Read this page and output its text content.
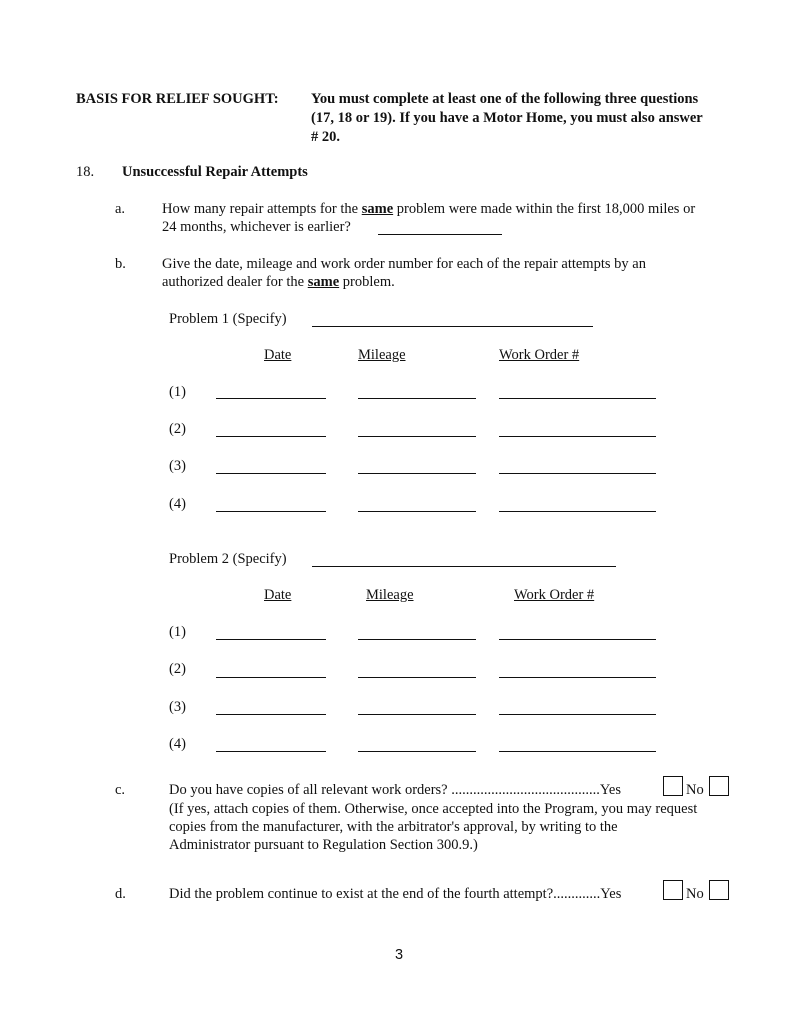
BASIS FOR RELIEF SOUGHT: You must complete at least one of the following three questions
(17, 18 or 19). If you have a Motor Home, you must also answer
# 20.
18. Unsuccessful Repair Attempts
a.	How many repair attempts for the same problem were made within the first 18,000 miles or
24 months, whichever is earlier?
b. Give the date, mileage and work order number for each of the repair attempts by an
authorized dealer for the same problem.
Problem 1 (Specify)
Date	Mileage	Work Order #
(1)
(2)
(3)
(4)
Problem 2 (Specify)
Date	Mileage	Work Order #
(1)
(2)
(3)
(4)
c.	Do you have copies of all relevant work orders? .........................................Yes	No
(If yes, attach copies of them. Otherwise, once accepted into the Program, you may request
copies from the manufacturer, with the arbitrator's approval, by writing to the
Administrator pursuant to Regulation Section 300.9.)
d.	Did the problem continue to exist at the end of the fourth attempt?.............Yes	No
3
